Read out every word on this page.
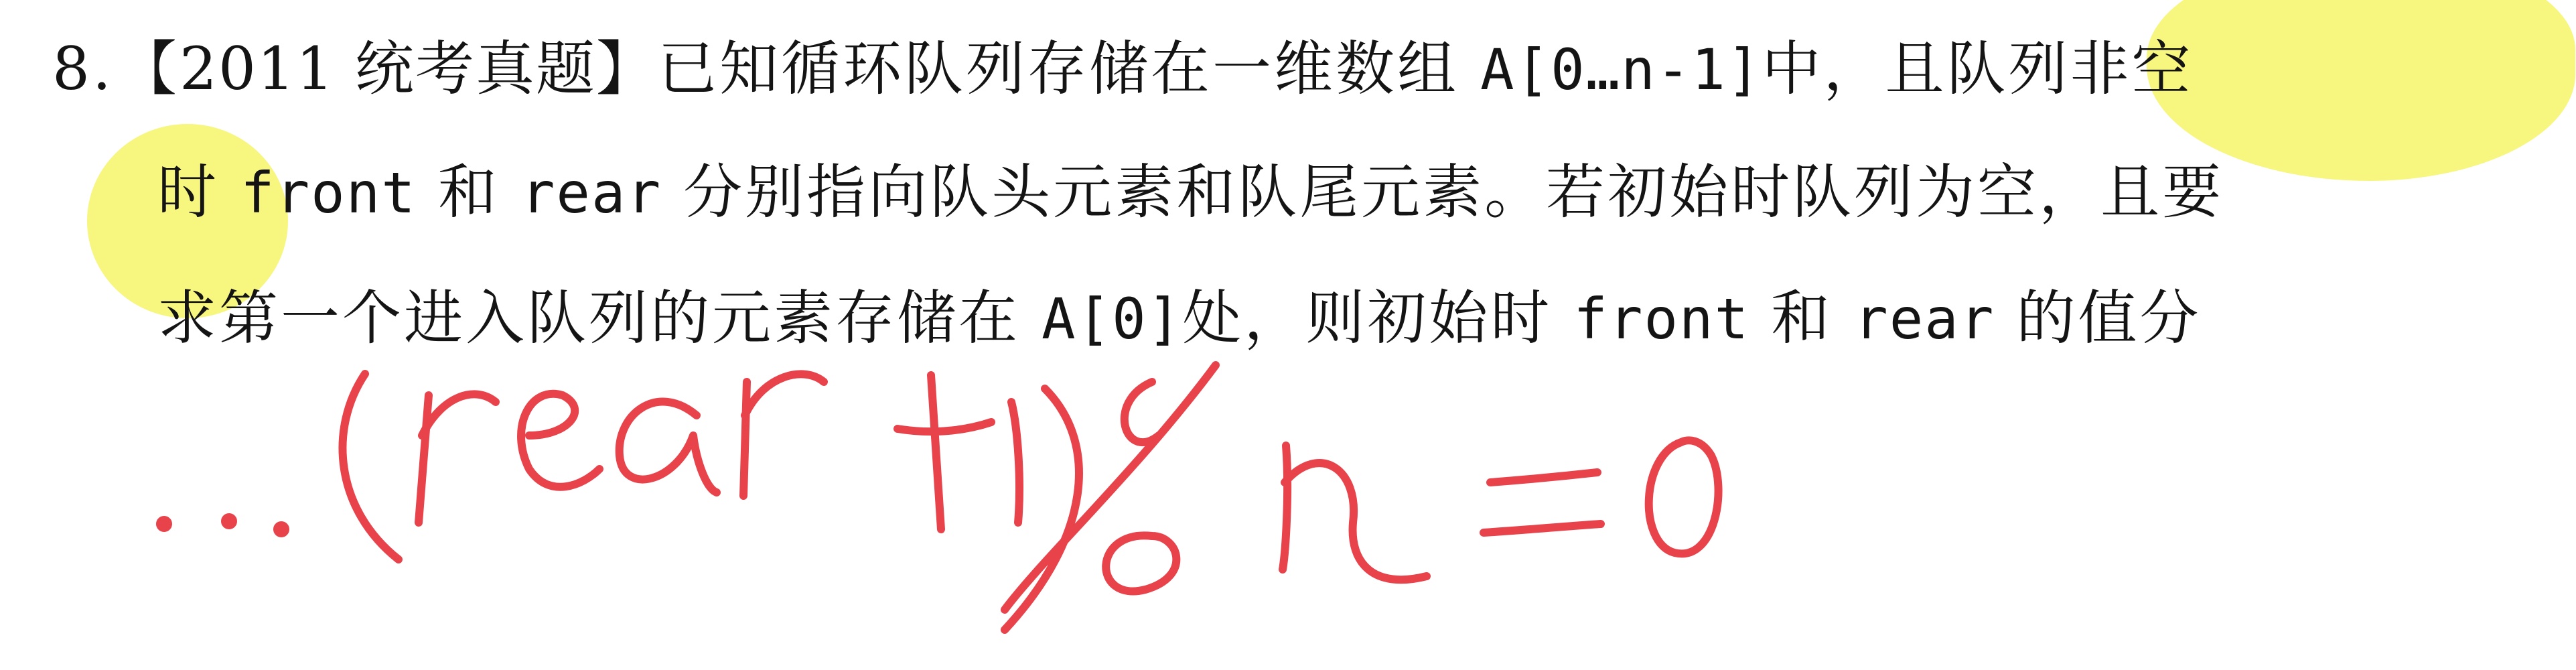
8.【2011 统考真题】已知循环队列存储在一维数组 A[0…n-1]中，且队列非空
时 front 和 rear 分别指向队头元素和队尾元素。若初始时队列为空，且要
求第一个进入队列的元素存储在 A[0]处，则初始时 front 和 rear 的值分
